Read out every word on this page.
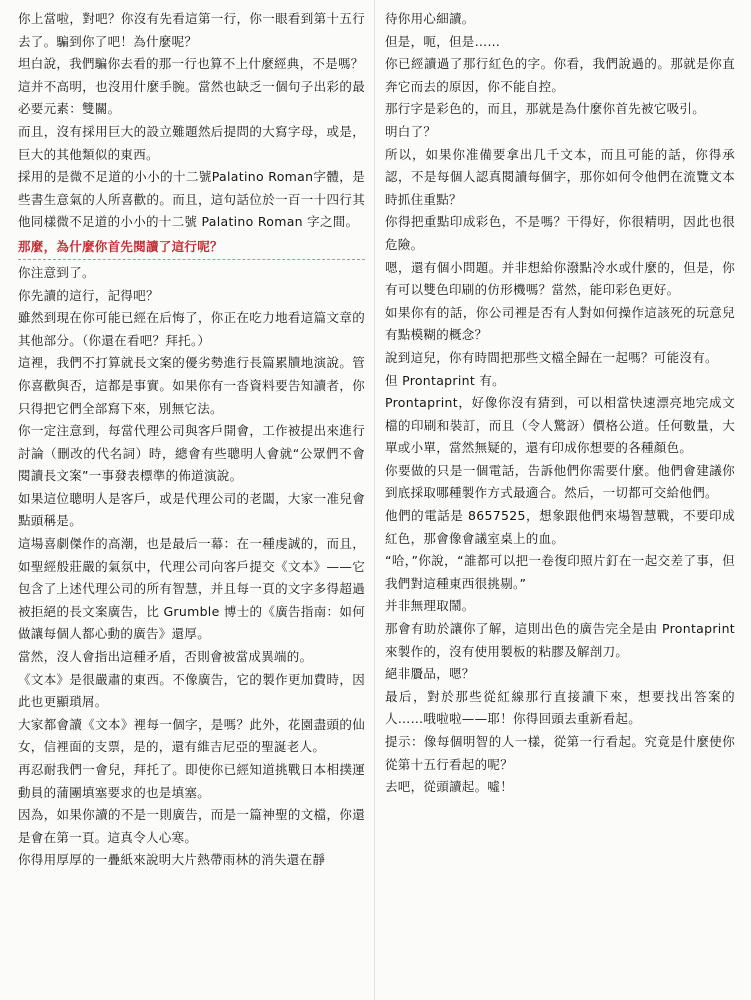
你上當啦，對吧？你沒有先看這第一行，你一眼看到第十五行去了。騙到你了吧！為什麼呢？

坦白說，我們騙你去看的那一行也算不上什麼經典，不是嗎？

這并不高明，也沒用什麼手腕。當然也缺乏一個句子出彩的最必要元素：雙關。

而且，沒有採用巨大的設立難題然后提問的大寫字母，或是，巨大的其他類似的東西。

採用的是微不足道的小小的十二號Palatino Roman字體，是些書生意氣的人所喜歡的。而且，這句話位於一百一十四行其他同樣微不足道的小小的十二號 Palatino Roman 字之間。

那麼，為什麼你首先閱讀了這行呢？

你注意到了。

你先讀的這行，記得吧？

雖然到現在你可能已經在后悔了，你正在吃力地看這篇文章的其他部分。（你還在看吧？拜托。）

這裡，我們不打算就長文案的優劣勢進行長篇累牘地演說。管你喜歡與否，這都是事實。如果你有一沓資料要告知讀者，你只得把它們全部寫下來，別無它法。

你一定注意到，每當代理公司與客戶開會，工作被提出來進行討論（刪改的代名詞）時，總會有些聰明人會就“公眾們不會閱讀長文案”一事發表標準的佈道演說。

如果這位聰明人是客戶，或是代理公司的老闆，大家一准兒會點頭稱是。

這場喜劇傑作的高潮，也是最后一幕：在一種虔誠的，而且，如聖經般莊嚴的氣氛中，代理公司向客戶提交《文本》——它包含了上述代理公司的所有智慧，并且每一頁的文字多得超過被拒絕的長文案廣告，比 Grumble 博士的《廣告指南：如何做讓每個人都心動的廣告》還厚。

當然，沒人會指出這種矛盾，否則會被當成異端的。

《文本》是很嚴肅的東西。不像廣告，它的製作更加費時，因此也更顯瑣屑。

大家都會讀《文本》裡每一個字，是嗎？此外，花園盡頭的仙女，信裡面的支票，是的，還有維吉尼亞的聖誕老人。

再忍耐我們一會兒，拜托了。即使你已經知道挑戰日本相撲運動員的蒲團填塞要求的也是填塞。

因為，如果你讀的不是一則廣告，而是一篇神聖的文檔，你還是會在第一頁。這真令人心寒。

你得用厚厚的一疊紙來說明大片熱帶雨林的消失還在靜

待你用心細讀。

但是，呃，但是……

你已經讀過了那行紅色的字。你看，我們說過的。那就是你直奔它而去的原因，你不能自控。

那行字是彩色的，而且，那就是為什麼你首先被它吸引。

明白了？

所以，如果你准備要拿出几千文本，而且可能的話，你得承認，不是每個人認真閱讀每個字，那你如何令他們在流覽文本時抓住重點？

你得把重點印成彩色，不是嗎？干得好，你很精明，因此也很危險。

嗯，還有個小問題。并非想給你潑點冷水或什麼的，但是，你有可以雙色印刷的仿形機嗎？當然，能印彩色更好。

如果你有的話，你公司裡是否有人對如何操作這該死的玩意兒有點模糊的概念？

說到這兒，你有時間把那些文檔全歸在一起嗎？可能沒有。

但 Prontaprint 有。

Prontaprint，好像你沒有猜到，可以相當快速漂亮地完成文檔的印刷和裝訂，而且（令人驚訝）價格公道。任何數量，大單或小單，當然無疑的，還有印成你想要的各種顏色。

你要做的只是一個電話，告訴他們你需要什麼。他們會建議你到底採取哪種製作方式最適合。然后，一切都可交給他們。

他們的電話是 8657525，想象跟他們來場智慧戰，不要印成紅色，那會像會議室桌上的血。

“哈，”你說，“誰都可以把一卷復印照片釘在一起交差了事，但我們對這種東西很挑剔。”

并非無理取鬧。

那會有助於讓你了解，這則出色的廣告完全是由 Prontaprint 來製作的，沒有使用製板的粘膠及解剖刀。

絕非贗品，嗯？

最后，對於那些從紅線那行直接讀下來，想要找出答案的人……哦啦啦——耶！你得回頭去重新看起。

提示：像每個明智的人一樣，從第一行看起。究竟是什麼使你從第十五行看起的呢？

去吧，從頭讀起。噓！
